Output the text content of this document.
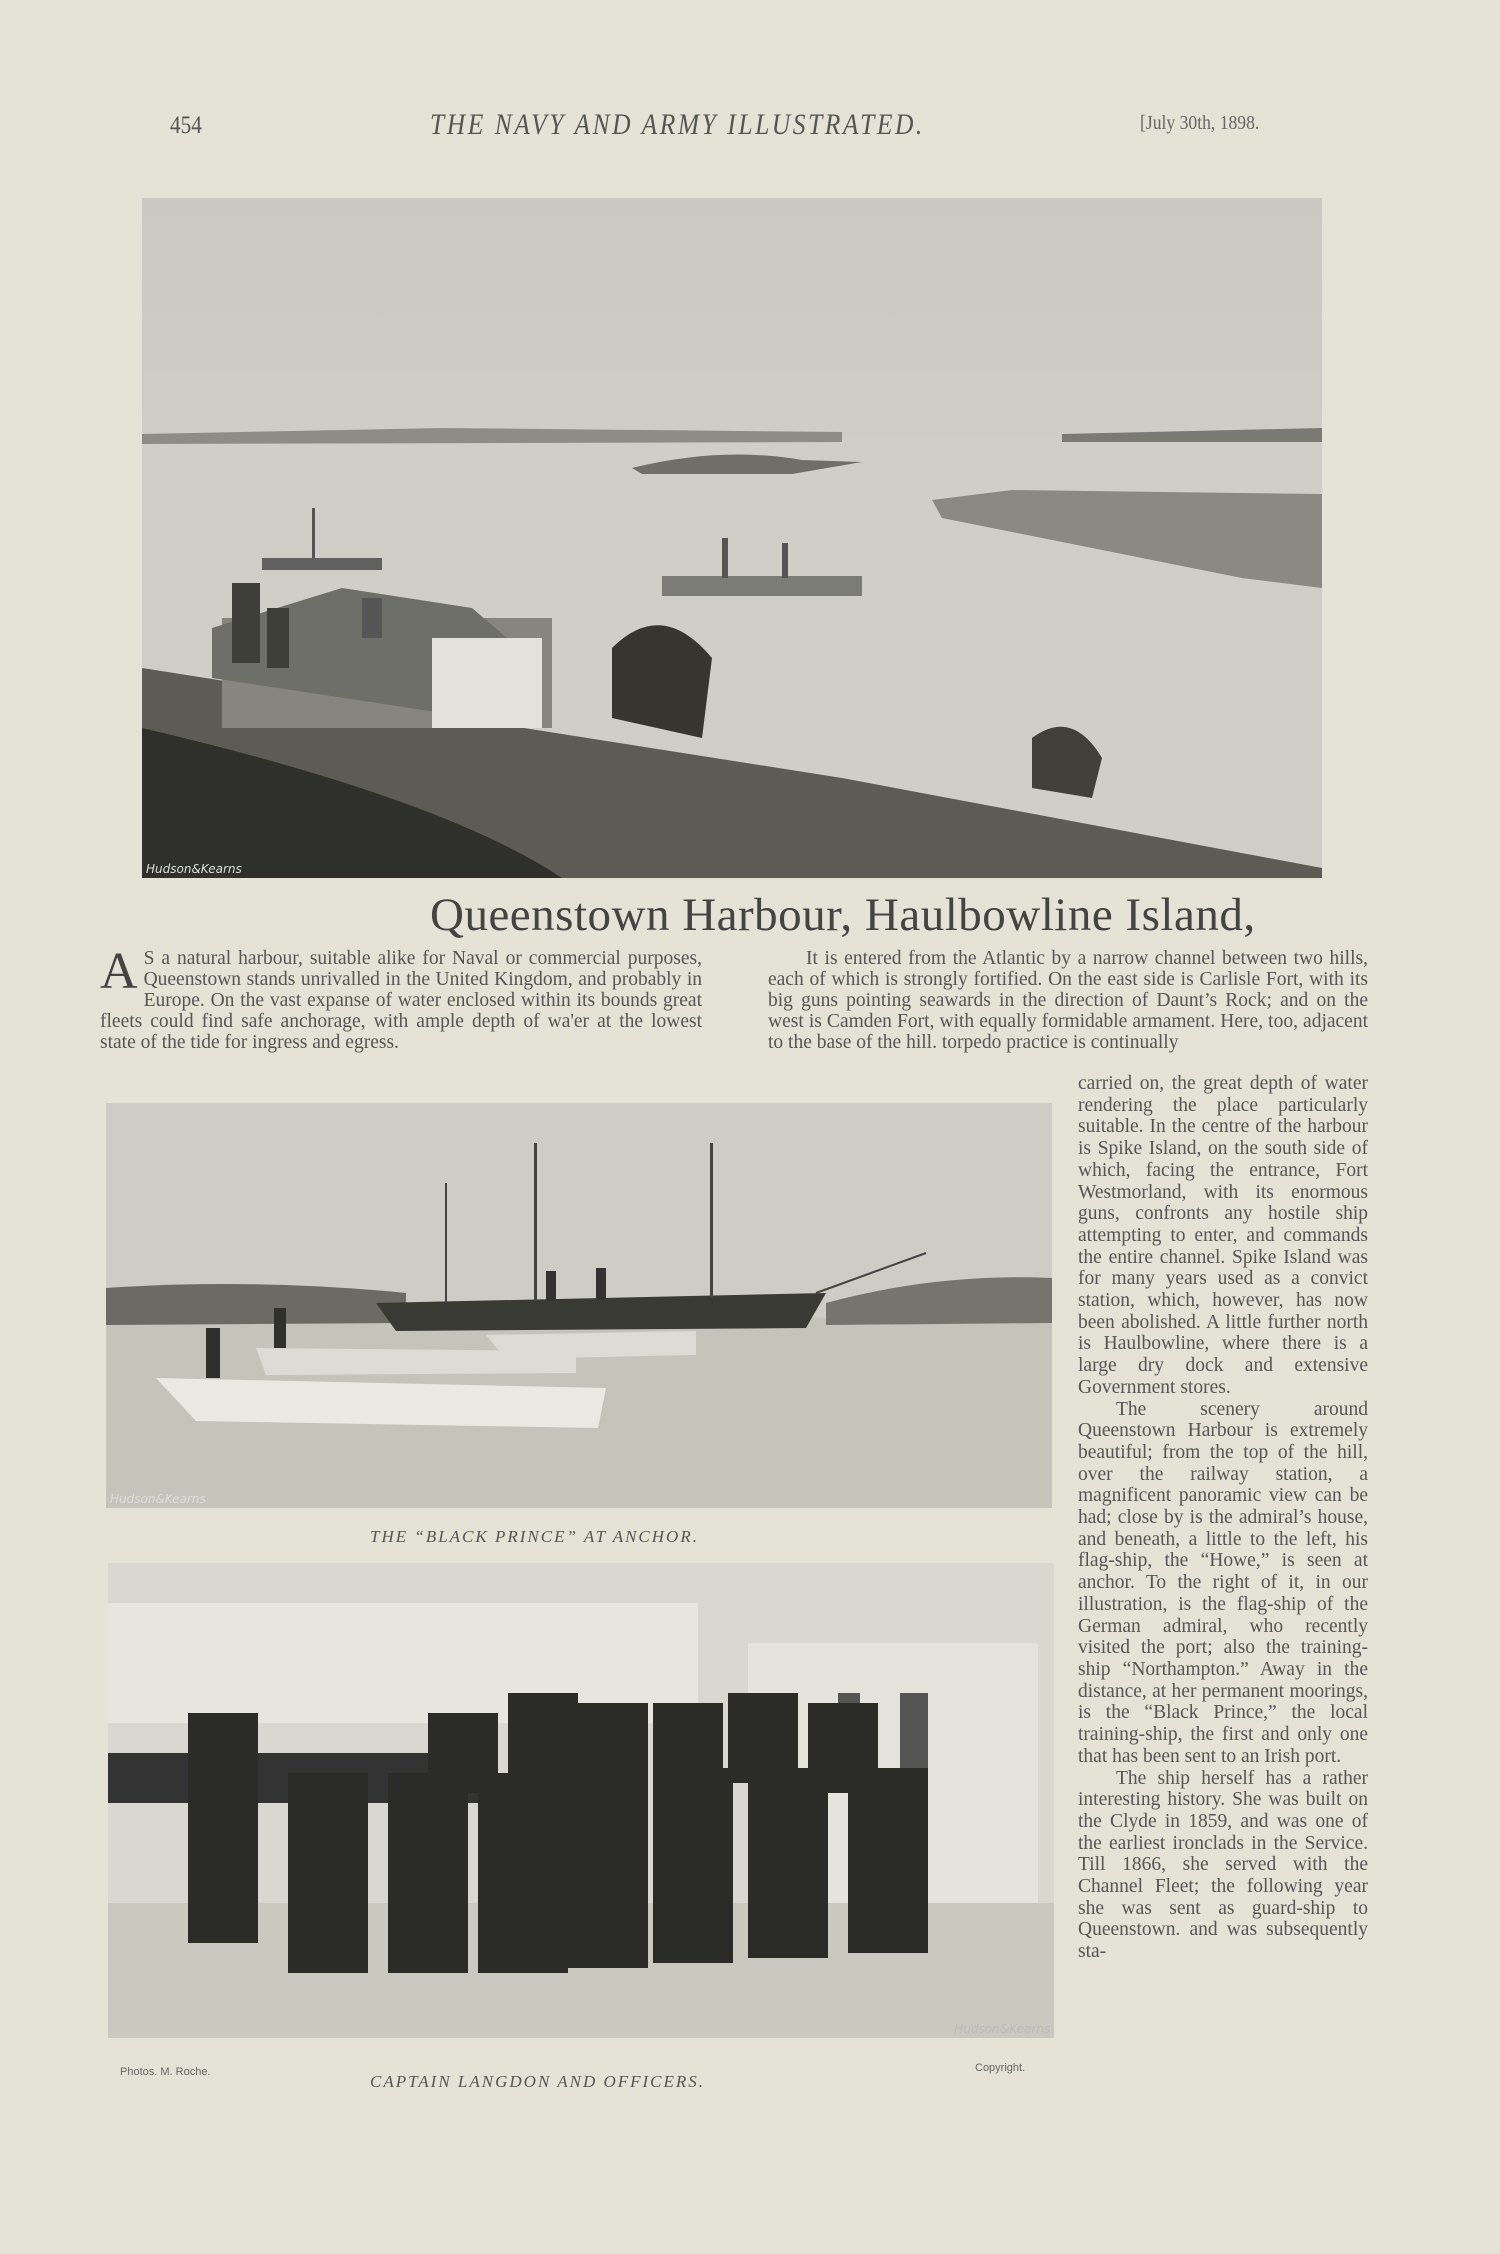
454	THE NAVY AND ARMY ILLUSTRATED.	[July 30th, 1898.
Hudson&Kearns
Queenstown Harbour, Haulbowline Island,

A S a natural harbour, suitable alike for Naval or commercial purposes, Queenstown stands unrivalled in the United Kingdom, and probably in Europe. On the vast expanse of water enclosed within its bounds great fleets could find safe anchorage, with ample depth of wa'er at the lowest state of the tide for ingress and egress.

It is entered from the Atlantic by a narrow channel between two hills, each of which is strongly fortified. On the east side is Carlisle Fort, with its big guns pointing seawards in the direction of Daunt’s Rock; and on the west is Camden Fort, with equally formidable armament. Here, too, adjacent to the base of the hill. torpedo practice is continually

Hudson&Kearns
THE “BLACK PRINCE” AT ANCHOR.
Hudson&Kearns
Photos. M. Roche.	CAPTAIN LANGDON AND OFFICERS.
Copyright.

carried on, the great depth of water rendering the place particularly suitable. In the centre of the harbour is Spike Island, on the south side of which, facing the entrance, Fort Westmorland, with its enormous guns, confronts any hostile ship attempting to enter, and commands the entire channel. Spike Island was for many years used as a convict station, which, however, has now been abolished. A little further north is Haulbowline, where there is a large dry dock and extensive Government stores.

The scenery around Queenstown Harbour is extremely beautiful; from the top of the hill, over the railway station, a magnificent panoramic view can be had; close by is the admiral’s house, and beneath, a little to the left, his flag-ship, the “Howe,” is seen at anchor. To the right of it, in our illustration, is the flag-ship of the German admiral, who recently visited the port; also the training-ship “Northampton.” Away in the distance, at her permanent moorings, is the “Black Prince,” the local training-ship, the first and only one that has been sent to an Irish port.

The ship herself has a rather interesting history. She was built on the Clyde in 1859, and was one of the earliest ironclads in the Service. Till 1866, she served with the Channel Fleet; the following year she was sent as guard-ship to Queenstown. and was subsequently sta-
